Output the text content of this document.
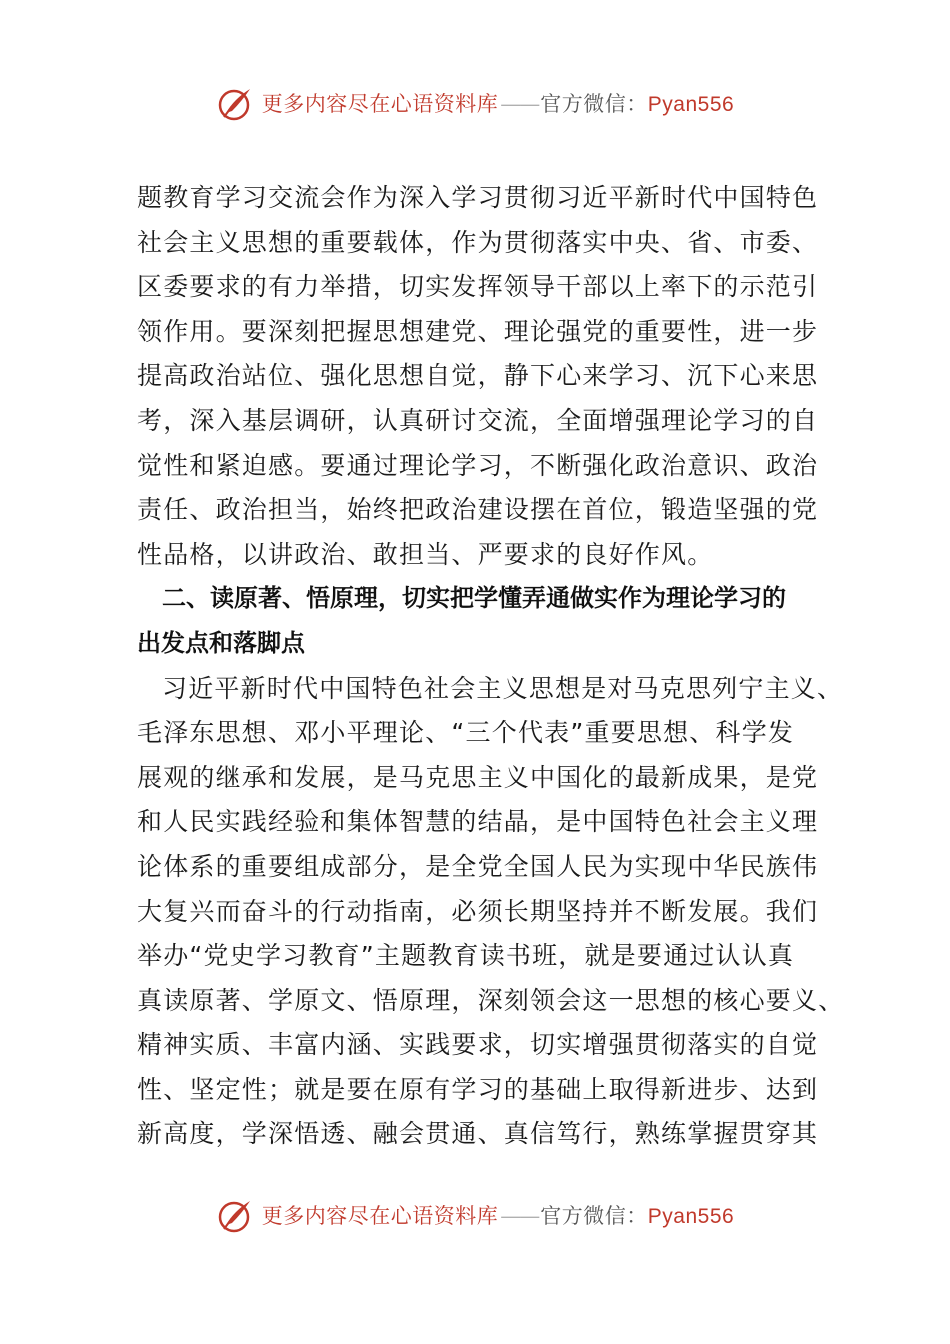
更多内容尽在心语资料库——官方微信：Pyan556
题教育学习交流会作为深入学习贯彻习近平新时代中国特色
社会主义思想的重要载体，作为贯彻落实中央、省、市委、
区委要求的有力举措，切实发挥领导干部以上率下的示范引
领作用。要深刻把握思想建党、理论强党的重要性，进一步
提高政治站位、强化思想自觉，静下心来学习、沉下心来思
考，深入基层调研，认真研讨交流，全面增强理论学习的自
觉性和紧迫感。要通过理论学习，不断强化政治意识、政治
责任、政治担当，始终把政治建设摆在首位，锻造坚强的党
性品格，以讲政治、敢担当、严要求的良好作风。
二、读原著、悟原理，切实把学懂弄通做实作为理论学习的
出发点和落脚点
习近平新时代中国特色社会主义思想是对马克思列宁主义、
毛泽东思想、邓小平理论、“三个代表”重要思想、科学发
展观的继承和发展，是马克思主义中国化的最新成果，是党
和人民实践经验和集体智慧的结晶，是中国特色社会主义理
论体系的重要组成部分，是全党全国人民为实现中华民族伟
大复兴而奋斗的行动指南，必须长期坚持并不断发展。我们
举办“党史学习教育”主题教育读书班，就是要通过认认真
真读原著、学原文、悟原理，深刻领会这一思想的核心要义、
精神实质、丰富内涵、实践要求，切实增强贯彻落实的自觉
性、坚定性；就是要在原有学习的基础上取得新进步、达到
新高度，学深悟透、融会贯通、真信笃行，熟练掌握贯穿其
更多内容尽在心语资料库——官方微信：Pyan556
